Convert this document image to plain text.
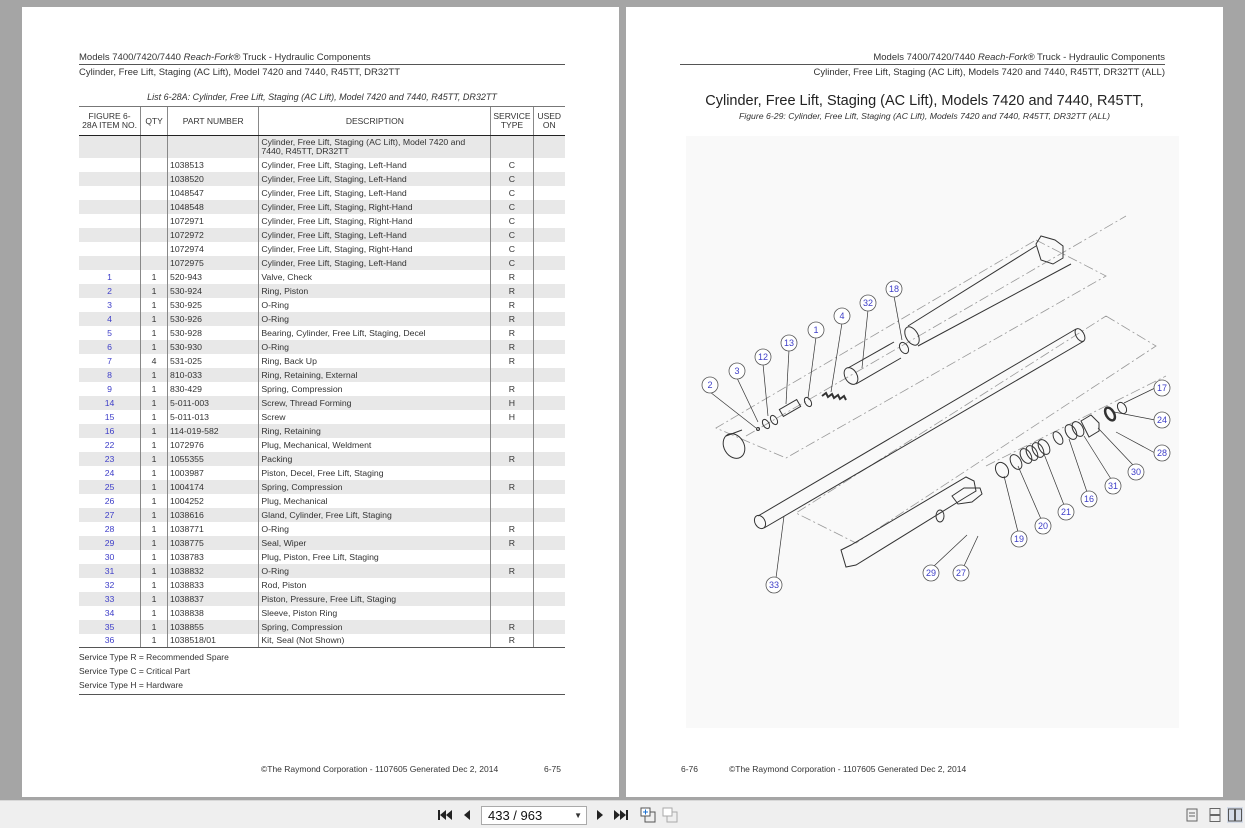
Models 7400/7420/7440 Reach-Fork® Truck - Hydraulic Components
Cylinder, Free Lift, Staging (AC Lift), Model 7420 and 7440, R45TT, DR32TT
List 6-28A: Cylinder, Free Lift, Staging (AC Lift), Model 7420 and 7440, R45TT, DR32TT
FIGURE 6-28A ITEM NO.	QTY	PART NUMBER	DESCRIPTION	SERVICE TYPE	USED ON
			Cylinder, Free Lift, Staging (AC Lift), Model 7420 and 7440, R45TT, DR32TT		
		1038513	Cylinder, Free Lift, Staging, Left-Hand	C	
		1038520	Cylinder, Free Lift, Staging, Left-Hand	C	
		1048547	Cylinder, Free Lift, Staging, Left-Hand	C	
		1048548	Cylinder, Free Lift, Staging, Right-Hand	C	
		1072971	Cylinder, Free Lift, Staging, Right-Hand	C	
		1072972	Cylinder, Free Lift, Staging, Left-Hand	C	
		1072974	Cylinder, Free Lift, Staging, Right-Hand	C	
		1072975	Cylinder, Free Lift, Staging, Left-Hand	C	
1	1	520-943	Valve, Check	R	
2	1	530-924	Ring, Piston	R	
3	1	530-925	O-Ring	R	
4	1	530-926	O-Ring	R	
5	1	530-928	Bearing, Cylinder, Free Lift, Staging, Decel	R	
6	1	530-930	O-Ring	R	
7	4	531-025	Ring, Back Up	R	
8	1	810-033	Ring, Retaining, External		
9	1	830-429	Spring, Compression	R	
14	1	5-011-003	Screw, Thread Forming	H	
15	1	5-011-013	Screw	H	
16	1	114-019-582	Ring, Retaining		
22	1	1072976	Plug, Mechanical, Weldment		
23	1	1055355	Packing	R	
24	1	1003987	Piston, Decel, Free Lift, Staging		
25	1	1004174	Spring, Compression	R	
26	1	1004252	Plug, Mechanical		
27	1	1038616	Gland, Cylinder, Free Lift, Staging		
28	1	1038771	O-Ring	R	
29	1	1038775	Seal, Wiper	R	
30	1	1038783	Plug, Piston, Free Lift, Staging		
31	1	1038832	O-Ring	R	
32	1	1038833	Rod, Piston		
33	1	1038837	Piston, Pressure, Free Lift, Staging		
34	1	1038838	Sleeve, Piston Ring		
35	1	1038855	Spring, Compression	R	
36	1	1038518/01	Kit, Seal (Not Shown)	R	
Service Type R = Recommended Spare
Service Type C = Critical Part
Service Type H = Hardware
©The Raymond Corporation - 1107605 Generated Dec 2, 2014	6-75
Models 7400/7420/7440 Reach-Fork® Truck - Hydraulic Components
Cylinder, Free Lift, Staging (AC Lift), Models 7420 and 7440, R45TT, DR32TT (ALL)
Cylinder, Free Lift, Staging (AC Lift), Models 7420 and 7440, R45TT,
Figure 6-29: Cylinder, Free Lift, Staging (AC Lift), Models 7420 and 7440, R45TT, DR32TT (ALL)
18
32
4
1
13
12
3
2	17
24
28
30
31
16
21
20
19
29 27
33
6-76	©The Raymond Corporation - 1107605 Generated Dec 2, 2014
433 / 963	▼
